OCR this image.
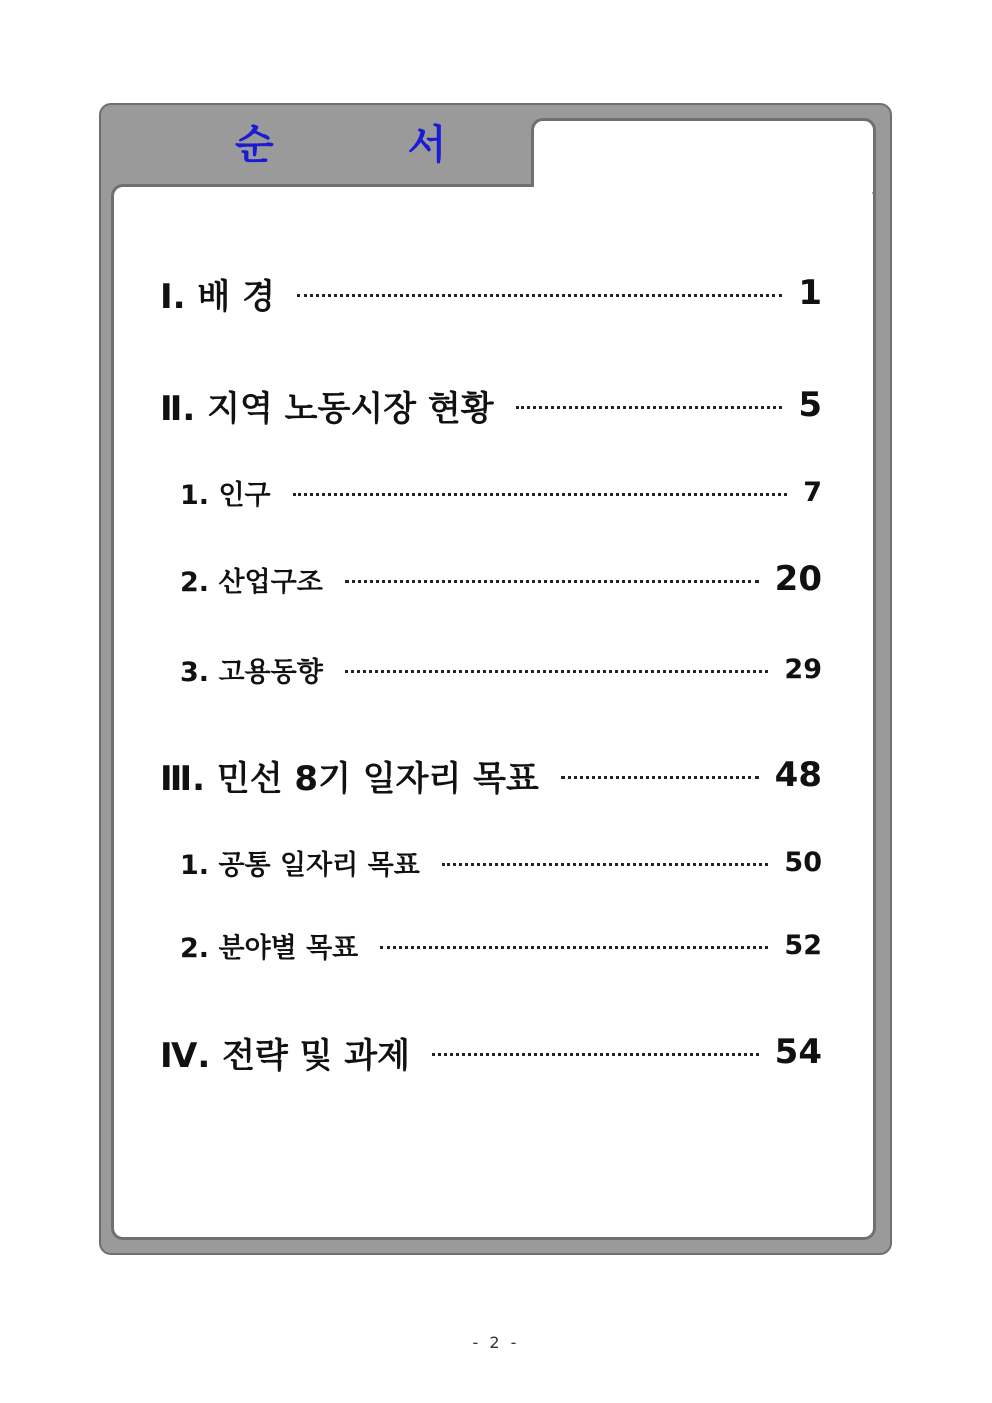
순 서
Ⅰ. 배 경	1
Ⅱ. 지역 노동시장 현황	5
1. 인구	7
2. 산업구조	20
3. 고용동향	29
Ⅲ. 민선 8기 일자리 목표	48
1. 공통 일자리 목표	50
2. 분야별 목표	52
Ⅳ. 전략 및 과제	54
- 2 -
